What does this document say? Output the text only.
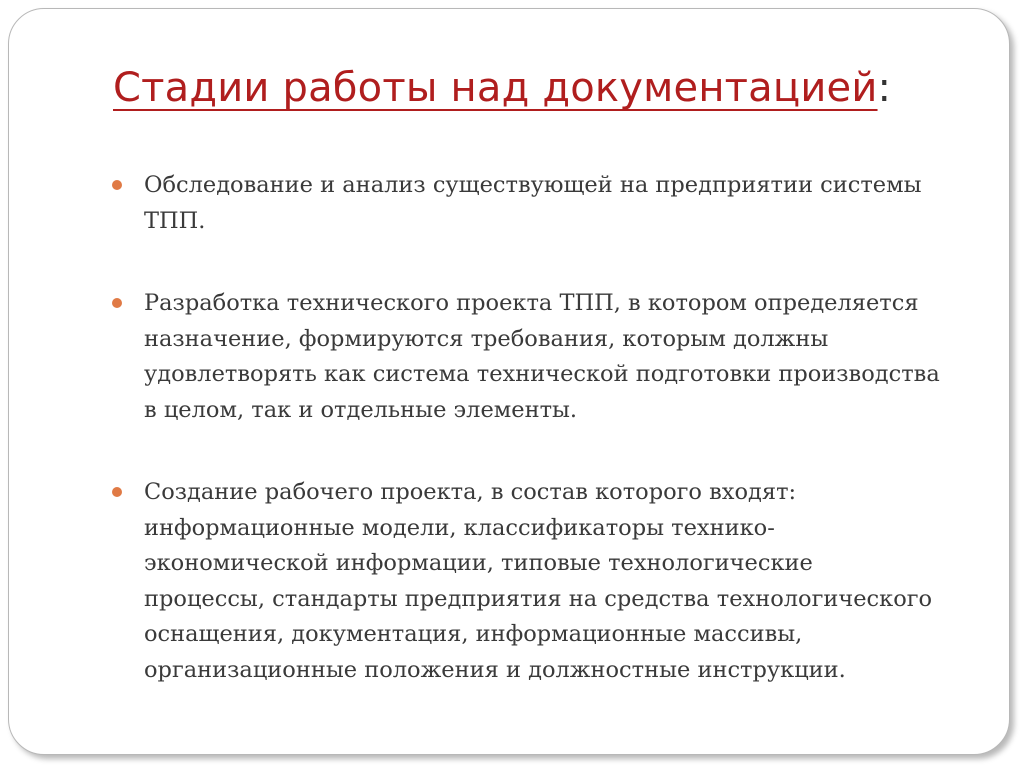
Стадии работы над документацией:
Обследование и анализ существующей на предприятии системы ТПП.
Разработка технического проекта ТПП, в котором определяется назначение, формируются требования, которым должны удовлетворять как система технической подготовки производства в целом, так и отдельные элементы.
Создание рабочего проекта, в состав которого входят: информационные модели, классификаторы технико-экономической информации, типовые технологические процессы, стандарты предприятия на средства технологического оснащения, документация, информационные массивы, организационные положения и должностные инструкции.
